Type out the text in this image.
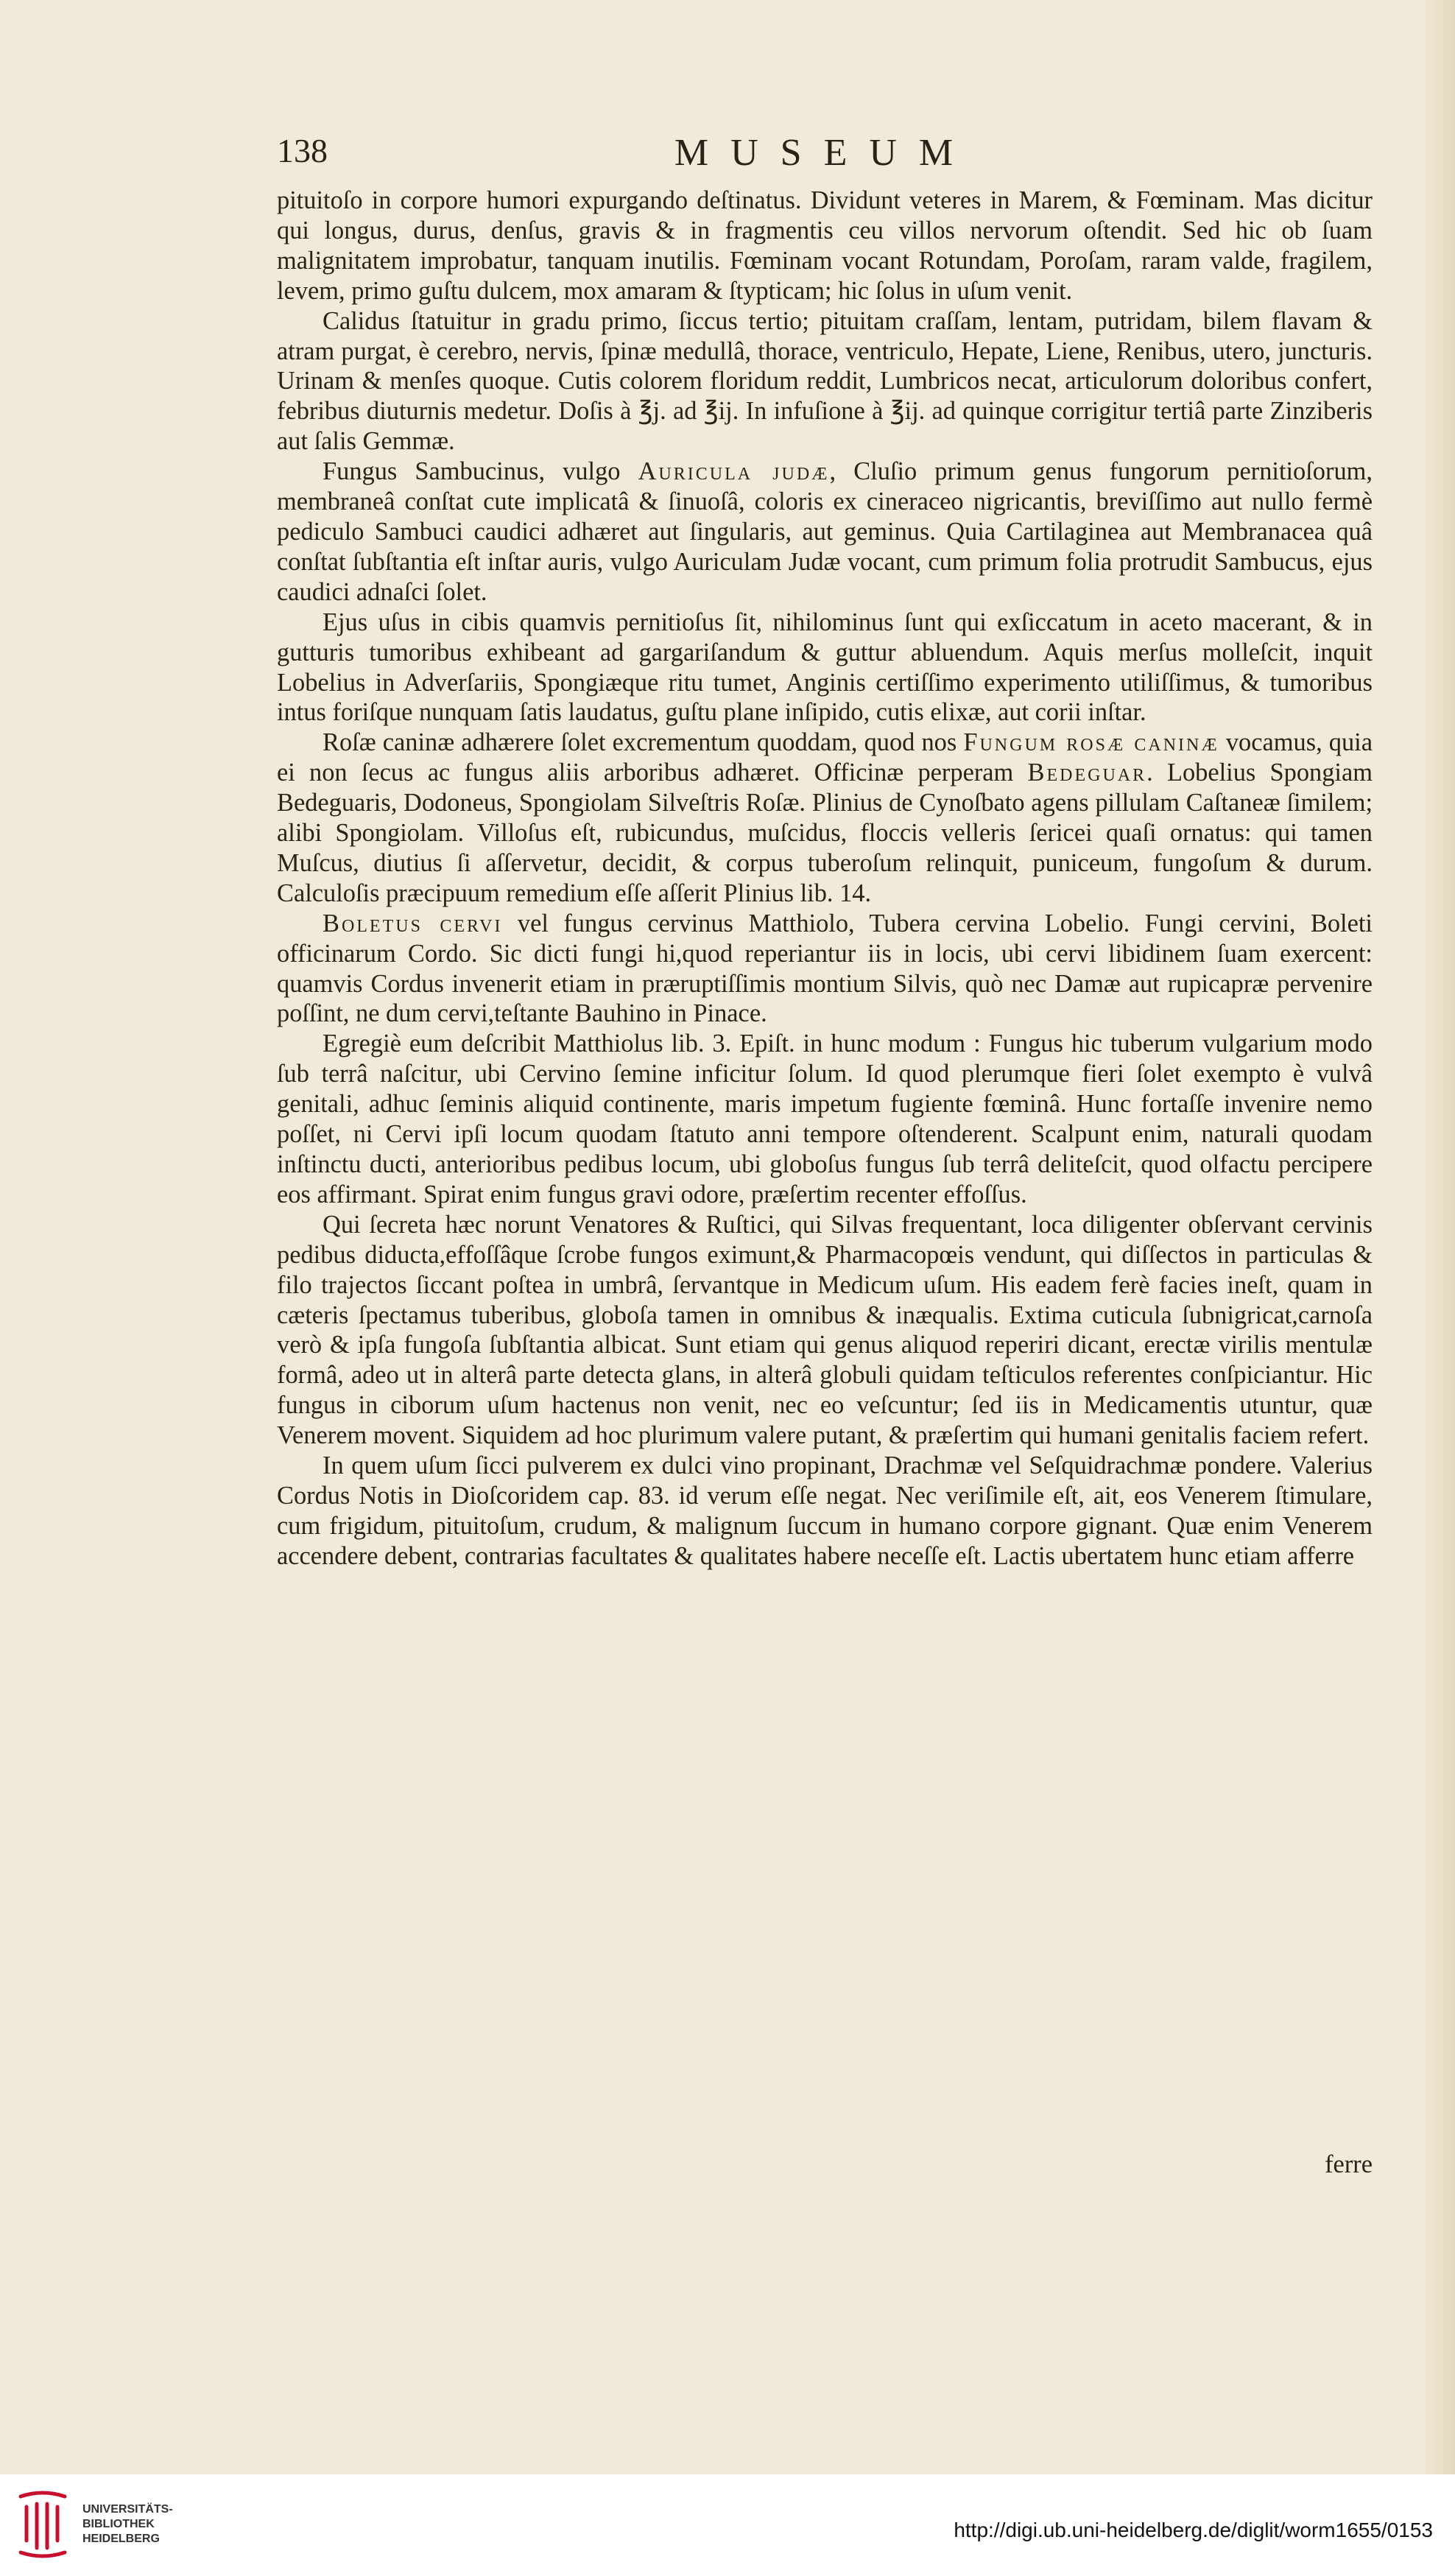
138	MUSEUM

pituitoſo in corpore humori expurgando deſtinatus. Dividunt veteres in Marem, & Fœminam. Mas dicitur qui longus, durus, denſus, gravis & in fragmentis ceu villos nervorum oſtendit. Sed hic ob ſuam malignitatem improbatur, tanquam inutilis. Fœminam vocant Rotundam, Poroſam, raram valde, fragilem, levem, primo guſtu dulcem, mox amaram & ſtypticam; hic ſolus in uſum venit.

Calidus ſtatuitur in gradu primo, ſiccus tertio; pituitam craſſam, lentam, putridam, bilem flavam & atram purgat, è cerebro, nervis, ſpinæ medullâ, thorace, ventriculo, Hepate, Liene, Renibus, utero, juncturis. Urinam & menſes quoque. Cutis colorem floridum reddit, Lumbricos necat, articulorum doloribus confert, febribus diuturnis medetur. Doſis à ℥j. ad ℥ij. In infuſione à ℥ij. ad quinque corrigitur tertiâ parte Zinziberis aut ſalis Gemmæ.

Fungus Sambucinus, vulgo Auricula judæ, Cluſio primum genus fungorum pernitioſorum, membraneâ conſtat cute implicatâ & ſinuoſâ, coloris ex cineraceo nigricantis, breviſſimo aut nullo fermè pediculo Sambuci caudici adhæret aut ſingularis, aut geminus. Quia Cartilaginea aut Membranacea quâ conſtat ſubſtantia eſt inſtar auris, vulgo Auriculam Judæ vocant, cum primum folia protrudit Sambucus, ejus caudici adnaſci ſolet.

Ejus uſus in cibis quamvis pernitioſus ſit, nihilominus ſunt qui exſiccatum in aceto macerant, & in gutturis tumoribus exhibeant ad gargariſandum & guttur abluendum. Aquis merſus molleſcit, inquit Lobelius in Adverſariis, Spongiæque ritu tumet, Anginis certiſſimo experimento utiliſſimus, & tumoribus intus foriſque nunquam ſatis laudatus, guſtu plane inſipido, cutis elixæ, aut corii inſtar.

Roſæ caninæ adhærere ſolet excrementum quoddam, quod nos Fungum rosæ caninæ vocamus, quia ei non ſecus ac fungus aliis arboribus adhæret. Officinæ perperam Bedeguar. Lobelius Spongiam Bedeguaris, Dodoneus, Spongiolam Silveſtris Roſæ. Plinius de Cynoſbato agens pillulam Caſtaneæ ſimilem; alibi Spongiolam. Villoſus eſt, rubicundus, muſcidus, floccis velleris ſericei quaſi ornatus: qui tamen Muſcus, diutius ſi aſſervetur, decidit, & corpus tuberoſum relinquit, puniceum, fungoſum & durum. Calculoſis præcipuum remedium eſſe aſſerit Plinius lib. 14.

Boletus cervi vel fungus cervinus Matthiolo, Tubera cervina Lobelio. Fungi cervini, Boleti officinarum Cordo. Sic dicti fungi hi,quod reperiantur iis in locis, ubi cervi libidinem ſuam exercent: quamvis Cordus invenerit etiam in præruptiſſimis montium Silvis, quò nec Damæ aut rupicapræ pervenire poſſint, ne dum cervi,teſtante Bauhino in Pinace.

Egregiè eum deſcribit Matthiolus lib. 3. Epiſt. in hunc modum : Fungus hic tuberum vulgarium modo ſub terrâ naſcitur, ubi Cervino ſemine inficitur ſolum. Id quod plerumque fieri ſolet exempto è vulvâ genitali, adhuc ſeminis aliquid continente, maris impetum fugiente fœminâ. Hunc fortaſſe invenire nemo poſſet, ni Cervi ipſi locum quodam ſtatuto anni tempore oſtenderent. Scalpunt enim, naturali quodam inſtinctu ducti, anterioribus pedibus locum, ubi globoſus fungus ſub terrâ deliteſcit, quod olfactu percipere eos affirmant. Spirat enim fungus gravi odore, præſertim recenter effoſſus.

Qui ſecreta hæc norunt Venatores & Ruſtici, qui Silvas frequentant, loca diligenter obſervant cervinis pedibus diducta,effoſſâque ſcrobe fungos eximunt,& Pharmacopœis vendunt, qui diſſectos in particulas & filo trajectos ſiccant poſtea in umbrâ, ſervantque in Medicum uſum. His eadem ferè facies ineſt, quam in cæteris ſpectamus tuberibus, globoſa tamen in omnibus & inæqualis. Extima cuticula ſubnigricat,carnoſa verò & ipſa fungoſa ſubſtantia albicat. Sunt etiam qui genus aliquod reperiri dicant, erectæ virilis mentulæ formâ, adeo ut in alterâ parte detecta glans, in alterâ globuli quidam teſticulos referentes conſpiciantur. Hic fungus in ciborum uſum hactenus non venit, nec eo veſcuntur; ſed iis in Medicamentis utuntur, quæ Venerem movent. Siquidem ad hoc plurimum valere putant, & præſertim qui humani genitalis faciem refert.

In quem uſum ſicci pulverem ex dulci vino propinant, Drachmæ vel Seſquidrachmæ pondere. Valerius Cordus Notis in Dioſcoridem cap. 83. id verum eſſe negat. Nec veriſimile eſt, ait, eos Venerem ſtimulare, cum frigidum, pituitoſum, crudum, & malignum ſuccum in humano corpore gignant. Quæ enim Venerem accendere debent, contrarias facultates & qualitates habere neceſſe eſt. Lactis ubertatem hunc etiam afferre

ferre
UNIVERSITÄTS-
BIBLIOTHEK
HEIDELBERG	http://digi.ub.uni-heidelberg.de/diglit/worm1655/0153
